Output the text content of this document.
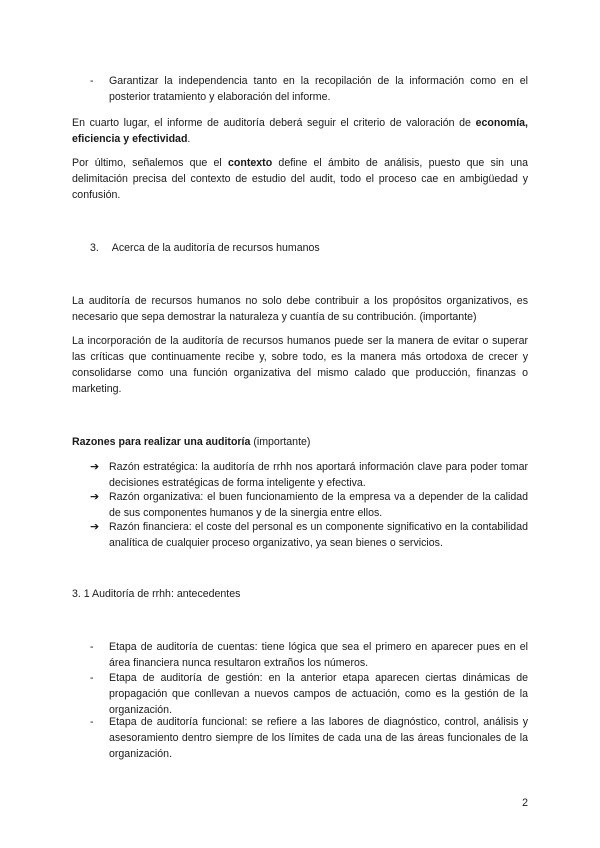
- Garantizar la independencia tanto en la recopilación de la información como en el posterior tratamiento y elaboración del informe.
En cuarto lugar, el informe de auditoría deberá seguir el criterio de valoración de economía, eficiencia y efectividad.
Por último, señalemos que el contexto define el ámbito de análisis, puesto que sin una delimitación precisa del contexto de estudio del audit, todo el proceso cae en ambigüedad y confusión.
3. Acerca de la auditoría de recursos humanos
La auditoría de recursos humanos no solo debe contribuir a los propósitos organizativos, es necesario que sepa demostrar la naturaleza y cuantía de su contribución. (importante)
La incorporación de la auditoría de recursos humanos puede ser la manera de evitar o superar las críticas que continuamente recibe y, sobre todo, es la manera más ortodoxa de crecer y consolidarse como una función organizativa del mismo calado que producción, finanzas o marketing.
Razones para realizar una auditoría (importante)
➔ Razón estratégica: la auditoría de rrhh nos aportará información clave para poder tomar decisiones estratégicas de forma inteligente y efectiva.
➔ Razón organizativa: el buen funcionamiento de la empresa va a depender de la calidad de sus componentes humanos y de la sinergia entre ellos.
➔ Razón financiera: el coste del personal es un componente significativo en la contabilidad analítica de cualquier proceso organizativo, ya sean bienes o servicios.
3. 1 Auditoría de rrhh: antecedentes
- Etapa de auditoría de cuentas: tiene lógica que sea el primero en aparecer pues en el área financiera nunca resultaron extraños los números.
- Etapa de auditoría de gestión: en la anterior etapa aparecen ciertas dinámicas de propagación que conllevan a nuevos campos de actuación, como es la gestión de la organización.
- Etapa de auditoría funcional: se refiere a las labores de diagnóstico, control, análisis y asesoramiento dentro siempre de los límites de cada una de las áreas funcionales de la organización.
2
